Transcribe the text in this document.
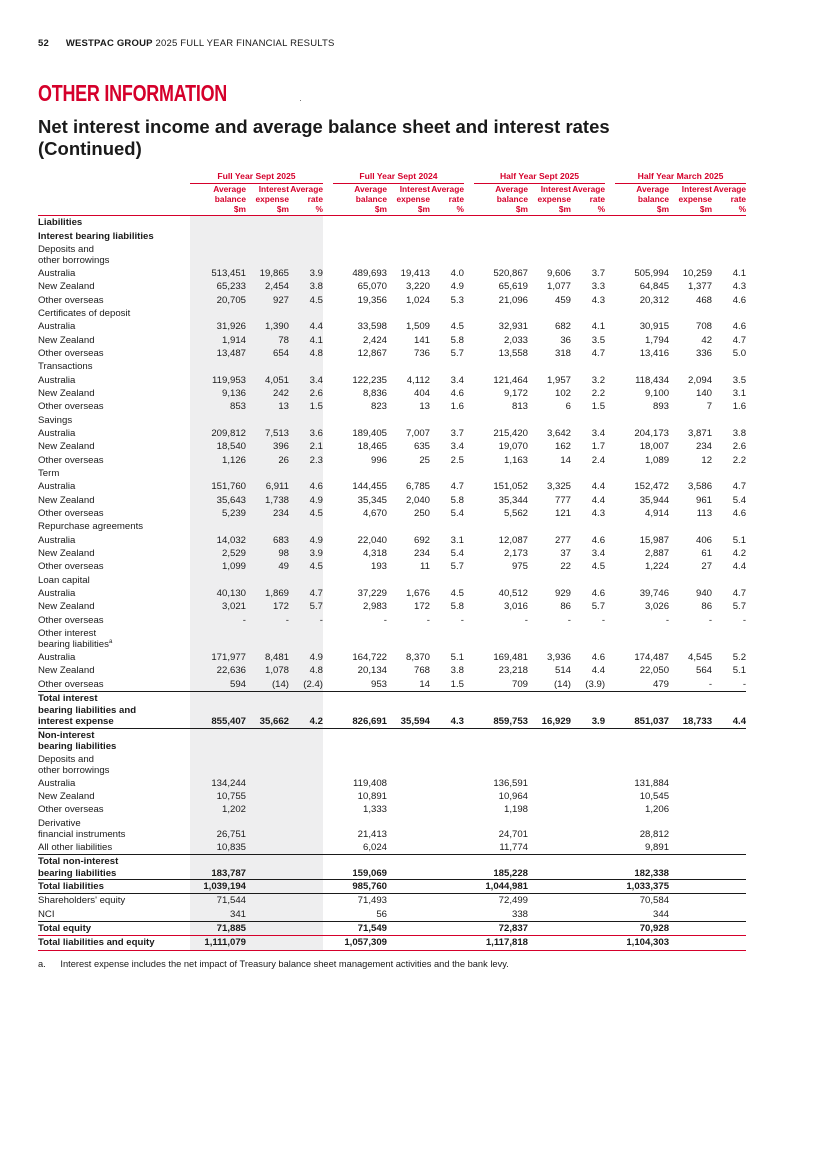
52 WESTPAC GROUP 2025 FULL YEAR FINANCIAL RESULTS
OTHER INFORMATION
Net interest income and average balance sheet and interest rates (Continued)
	Full Year Sept 2025				Full Year Sept 2024				Half Year Sept 2025				Half Year March 2025		
	Average	Interest	Average		Average	Interest	Average		Average	Interest	Average		Average	Interest	Average
	balance	expense	rate		balance	expense	rate		balance	expense	rate		balance	expense	rate
	$m	$m	%		$m	$m	%		$m	$m	%		$m	$m	%
Liabilities															
Interest bearing liabilities															
Deposits and
other borrowings															
Australia	513,451	19,865	3.9		489,693	19,413	4.0		520,867	9,606	3.7		505,994	10,259	4.1
New Zealand	65,233	2,454	3.8		65,070	3,220	4.9		65,619	1,077	3.3		64,845	1,377	4.3
Other overseas	20,705	927	4.5		19,356	1,024	5.3		21,096	459	4.3		20,312	468	4.6
Certificates of deposit															
Australia	31,926	1,390	4.4		33,598	1,509	4.5		32,931	682	4.1		30,915	708	4.6
New Zealand	1,914	78	4.1		2,424	141	5.8		2,033	36	3.5		1,794	42	4.7
Other overseas	13,487	654	4.8		12,867	736	5.7		13,558	318	4.7		13,416	336	5.0
Transactions															
Australia	119,953	4,051	3.4		122,235	4,112	3.4		121,464	1,957	3.2		118,434	2,094	3.5
New Zealand	9,136	242	2.6		8,836	404	4.6		9,172	102	2.2		9,100	140	3.1
Other overseas	853	13	1.5		823	13	1.6		813	6	1.5		893	7	1.6
Savings															
Australia	209,812	7,513	3.6		189,405	7,007	3.7		215,420	3,642	3.4		204,173	3,871	3.8
New Zealand	18,540	396	2.1		18,465	635	3.4		19,070	162	1.7		18,007	234	2.6
Other overseas	1,126	26	2.3		996	25	2.5		1,163	14	2.4		1,089	12	2.2
Term															
Australia	151,760	6,911	4.6		144,455	6,785	4.7		151,052	3,325	4.4		152,472	3,586	4.7
New Zealand	35,643	1,738	4.9		35,345	2,040	5.8		35,344	777	4.4		35,944	961	5.4
Other overseas	5,239	234	4.5		4,670	250	5.4		5,562	121	4.3		4,914	113	4.6
Repurchase agreements															
Australia	14,032	683	4.9		22,040	692	3.1		12,087	277	4.6		15,987	406	5.1
New Zealand	2,529	98	3.9		4,318	234	5.4		2,173	37	3.4		2,887	61	4.2
Other overseas	1,099	49	4.5		193	11	5.7		975	22	4.5		1,224	27	4.4
Loan capital															
Australia	40,130	1,869	4.7		37,229	1,676	4.5		40,512	929	4.6		39,746	940	4.7
New Zealand	3,021	172	5.7		2,983	172	5.8		3,016	86	5.7		3,026	86	5.7
Other overseas	-	-	-		-	-	-		-	-	-		-	-	-
Other interest
bearing liabilities$^a$															
Australia	171,977	8,481	4.9		164,722	8,370	5.1		169,481	3,936	4.6		174,487	4,545	5.2
New Zealand	22,636	1,078	4.8		20,134	768	3.8		23,218	514	4.4		22,050	564	5.1
Other overseas	594	(14)	(2.4)		953	14	1.5		709	(14)	(3.9)		479	-	-
Total interest
bearing liabilities and
interest expense	855,407	35,662	4.2		826,691	35,594	4.3		859,753	16,929	3.9		851,037	18,733	4.4
Non-interest
bearing liabilities															
Deposits and
other borrowings															
Australia	134,244				119,408				136,591				131,884		
New Zealand	10,755				10,891				10,964				10,545		
Other overseas	1,202				1,333				1,198				1,206		
Derivative
financial instruments	26,751				21,413				24,701				28,812		
All other liabilities	10,835				6,024				11,774				9,891		
Total non-interest
bearing liabilities	183,787				159,069				185,228				182,338		
Total liabilities	1,039,194				985,760				1,044,981				1,033,375		
Shareholders' equity	71,544				71,493				72,499				70,584		
NCI	341				56				338				344		
Total equity	71,885				71,549				72,837				70,928		
Total liabilities and equity	1,111,079				1,057,309				1,117,818				1,104,303		
a. Interest expense includes the net impact of Treasury balance sheet management activities and the bank levy.
